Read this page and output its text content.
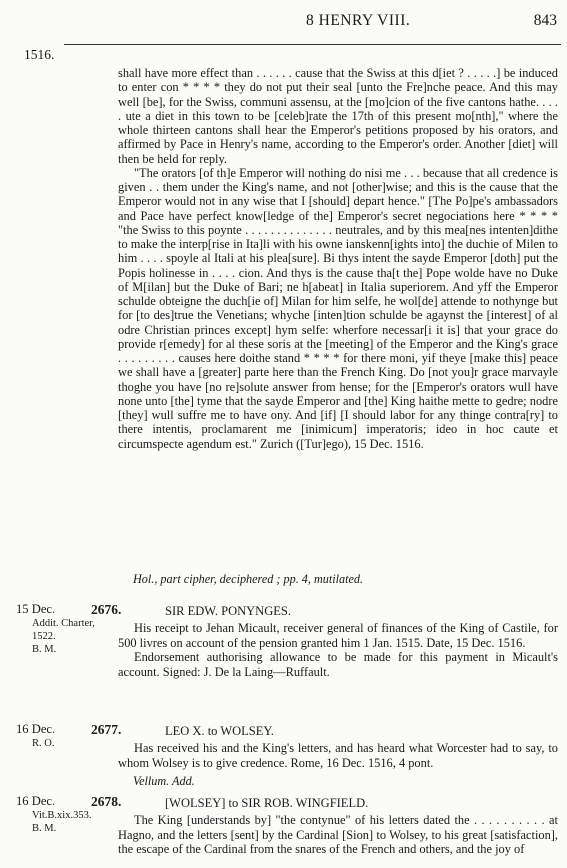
8 HENRY VIII.	843
1516.

shall have more effect than . . . . . . cause that the Swiss at this d[iet ? . . . . .] be induced to enter con * * * * they do not put their seal [unto the Fre]nche peace. And this may well [be], for the Swiss, communi assensu, at the [mo]cion of the five cantons hathe. . . . . ute a diet in this town to be [celeb]rate the 17th of this present mo[nth]," where the whole thirteen cantons shall hear the Emperor's petitions proposed by his orators, and affirmed by Pace in Henry's name, according to the Emperor's order. Another [diet] will then be held for reply.

"The orators [of th]e Emperor will nothing do nisi me . . . because that all credence is given . . them under the King's name, and not [other]wise; and this is the cause that the Emperor would not in any wise that I [should] depart hence." [The Po]pe's ambassadors and Pace have perfect know[ledge of the] Emperor's secret negociations here * * * * "the Swiss to this poynte . . . . . . . . . . . . . . neutrales, and by this mea[nes intenten]dithe to make the interp[rise in Ita]li with his owne ianskenn[ights into] the duchie of Milen to him . . . . spoyle al Itali at his plea[sure]. Bi thys intent the sayde Emperor [doth] put the Popis holinesse in . . . . cion. And thys is the cause tha[t the] Pope wolde have no Duke of M[ilan] but the Duke of Bari; ne h[abeat] in Italia superiorem. And yff the Emperor schulde obteigne the duch[ie of] Milan for him selfe, he wol[de] attende to nothynge but for [to des]true the Venetians; whyche [inten]tion schulde be agaynst the [interest] of al odre Christian princes except] hym selfe: wherfore necessar[i it is] that your grace do provide r[emedy] for al these soris at the [meeting] of the Emperor and the King's grace . . . . . . . . . causes here doithe stand * * * * for there moni, yif theye [make this] peace we shall have a [greater] parte here than the French King. Do [not you]r grace marvayle thoghe you have [no re]solute answer from hense; for the [Emperor's orators wull have none unto [the] tyme that the sayde Emperor and [the] King haithe mette to gedre; nodre [they] wull suffre me to have ony. And [if] [I should labor for any thinge contra[ry] to there intentis, proclamarent me [inimicum] imperatoris; ideo in hoc caute et circumspecte agendum est." Zurich ([Tur]ego), 15 Dec. 1516.

Hol., part cipher, deciphered ; pp. 4, mutilated.
15 Dec.
Addit. Charter,
1522.
B. M.
2676.	SIR EDW. PONYNGES.

His receipt to Jehan Micault, receiver general of finances of the King of Castile, for 500 livres on account of the pension granted him 1 Jan. 1515. Date, 15 Dec. 1516.

Endorsement authorising allowance to be made for this payment in Micault's account. Signed: J. De la Laing—Ruffault.

16 Dec.
R. O.
2677.	LEO X. to WOLSEY.

Has received his and the King's letters, and has heard what Worcester had to say, to whom Wolsey is to give credence. Rome, 16 Dec. 1516, 4 pont.

Vellum. Add.
16 Dec.
Vit.B.xix.353.
B. M.
2678.	[WOLSEY] to SIR ROB. WINGFIELD.

The King [understands by] "the contynue" of his letters dated the . . . . . . . . . . at Hagno, and the letters [sent] by the Cardinal [Sion] to Wolsey, to his great [satisfaction], the escape of the Cardinal from the snares of the French and others, and the joy of
